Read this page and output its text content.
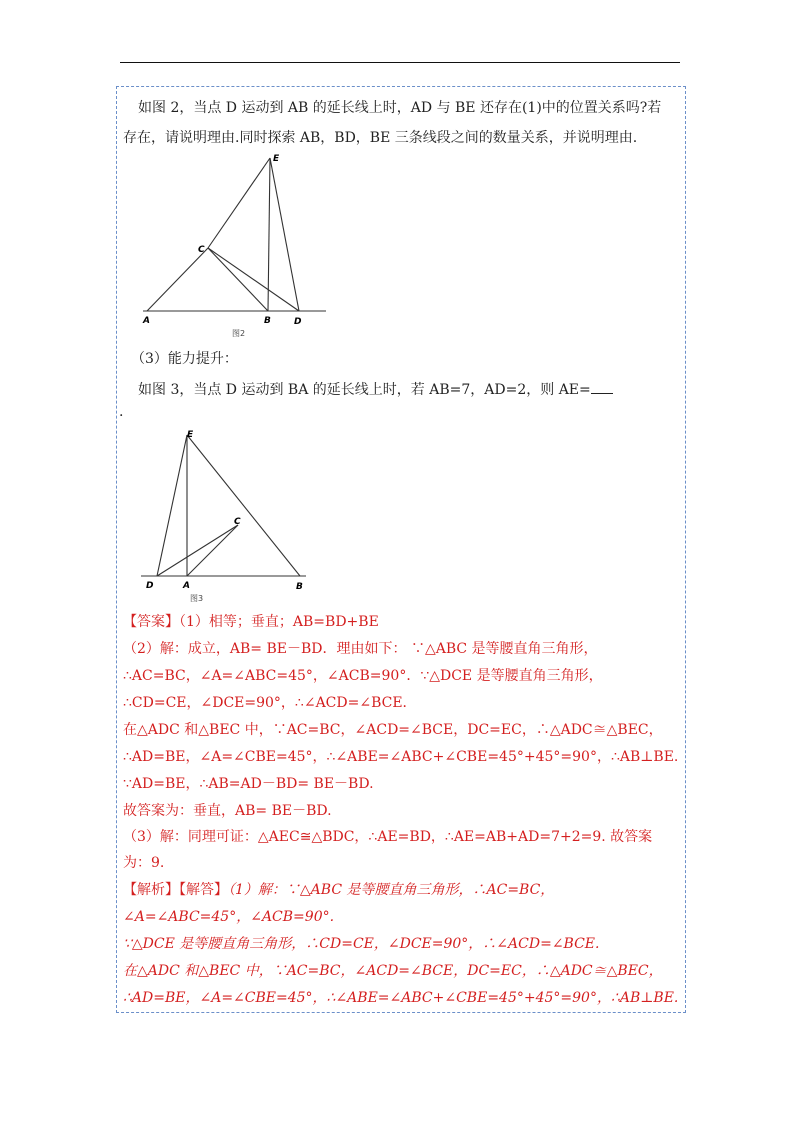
如图 2，当点 D 运动到 AB 的延长线上时，AD 与 BE 还存在(1)中的位置关系吗?若
存在，请说明理由.同时探索 AB，BD，BE 三条线段之间的数量关系，并说明理由.
E
C
A	B	D
图2
（3）能力提升：
如图 3，当点 D 运动到 BA 的延长线上时，若 AB=7，AD=2，则 AE=
.
E
C
D	A	B
图3
【答案】（1）相等；垂直；AB=BD+BE
（2）解：成立，AB= BE－BD．理由如下： ∵△ABC 是等腰直角三角形，
∴AC=BC，∠A=∠ABC=45°，∠ACB=90°．∵△DCE 是等腰直角三角形，
∴CD=CE，∠DCE=90°，∴∠ACD=∠BCE．
在△ADC 和△BEC 中，∵AC=BC，∠ACD=∠BCE，DC=EC，∴△ADC≅△BEC，
∴AD=BE，∠A=∠CBE=45°，∴∠ABE=∠ABC+∠CBE=45°+45°=90°，∴AB⊥BE.
∵AD=BE，∴AB=AD－BD= BE－BD.
故答案为：垂直，AB= BE－BD.
（3）解：同理可证：△AEC≅△BDC，∴AE=BD，∴AE=AB+AD=7+2=9. 故答案
为：9.
【解析】【解答】（1）解：∵△ABC 是等腰直角三角形，∴AC=BC，
∠A=∠ABC=45°，∠ACB=90°.
∵△DCE 是等腰直角三角形，∴CD=CE，∠DCE=90°，∴∠ACD=∠BCE.
在△ADC 和△BEC 中，∵AC=BC，∠ACD=∠BCE，DC=EC，∴△ADC≅△BEC，
∴AD=BE，∠A=∠CBE=45°，∴∠ABE=∠ABC+∠CBE=45°+45°=90°，∴AB⊥BE.
